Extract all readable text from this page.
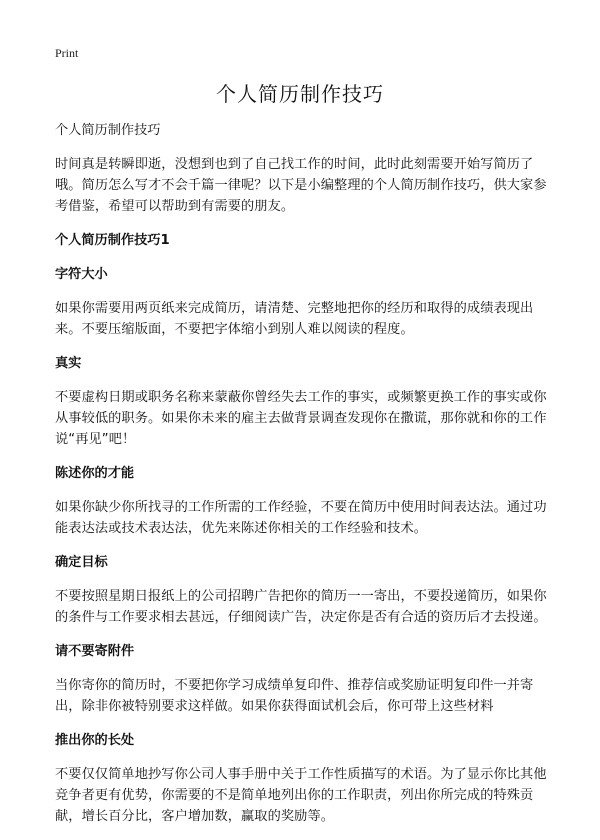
Print
个人简历制作技巧

个人简历制作技巧

时间真是转瞬即逝，没想到也到了自己找工作的时间，此时此刻需要开始写简历了哦。简历怎么写才不会千篇一律呢？以下是小编整理的个人简历制作技巧，供大家参考借鉴，希望可以帮助到有需要的朋友。

个人简历制作技巧1

字符大小

如果你需要用两页纸来完成简历，请清楚、完整地把你的经历和取得的成绩表现出来。不要压缩版面，不要把字体缩小到别人难以阅读的程度。

真实

不要虚构日期或职务名称来蒙蔽你曾经失去工作的事实，或频繁更换工作的事实或你从事较低的职务。如果你未来的雇主去做背景调查发现你在撒谎，那你就和你的工作说“再见”吧！

陈述你的才能

如果你缺少你所找寻的工作所需的工作经验，不要在简历中使用时间表达法。通过功能表达法或技术表达法，优先来陈述你相关的工作经验和技术。

确定目标

不要按照星期日报纸上的公司招聘广告把你的简历一一寄出，不要投递简历，如果你的条件与工作要求相去甚远，仔细阅读广告，决定你是否有合适的资历后才去投递。

请不要寄附件

当你寄你的简历时，不要把你学习成绩单复印件、推荐信或奖励证明复印件一并寄出，除非你被特别要求这样做。如果你获得面试机会后，你可带上这些材料

推出你的长处

不要仅仅简单地抄写你公司人事手册中关于工作性质描写的术语。为了显示你比其他竞争者更有优势，你需要的不是简单地列出你的工作职责，列出你所完成的特殊贡献，增长百分比，客户增加数，赢取的奖励等。
